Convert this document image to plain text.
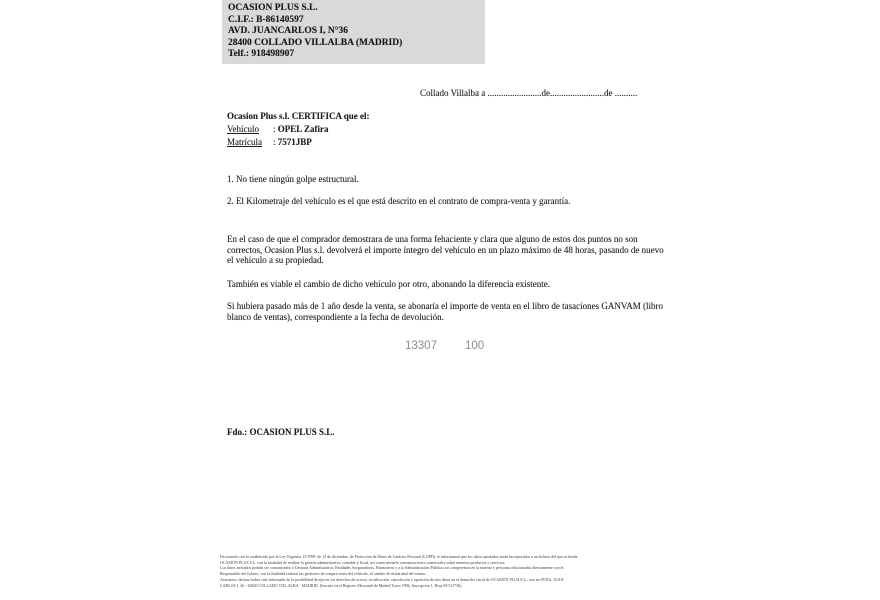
OCASION PLUS S.L.
C.I.F.: B-86140597
AVD. JUANCARLOS I, N°36
28400 COLLADO VILLALBA (MADRID)
Telf.: 918498907
Collado Villalba a ........................de........................de ..........
Ocasion Plus s.l. CERTIFICA que el:
Vehículo : OPEL Zafira
Matrícula : 7571JBP
1. No tiene ningún golpe estructural.
2. El Kilometraje del vehículo es el que está descrito en el contrato de compra-venta y garantía.
En el caso de que el comprador demostrara de una forma fehaciente y clara que alguno de estos dos puntos no son correctos, Ocasion Plus s.l. devolverá el importe íntegro del vehículo en un plazo máximo de 48 horas, pasando de nuevo el vehículo a su propiedad.
También es viable el cambio de dicho vehículo por otro, abonando la diferencia existente.
Si hubiera pasado más de 1 año desde la venta, se abonaría el importe de venta en el libro de tasaciones GANVAM (libro blanco de ventas), correspondiente a la fecha de devolución.
13307 100
Fdo.: OCASION PLUS S.L.
De acuerdo con lo establecido por la Ley Orgánica 15/1999, de 13 de diciembre, de Protección de Datos de Carácter Personal (LOPD), le informamos que los datos aportados serán incorporados a un fichero del que es titular
OCASIÓN PLUS S.L. con la finalidad de realizar la gestión administrativa, contable y fiscal, así como enviarle comunicaciones comerciales sobre nuestros productos y servicios.
Los datos incluidos podrán ser comunicados a Gestoría Administrativa, Entidades Aseguradoras, Financieras y a la Administración Pública con competencia en la materia y personas relacionadas directamente con el
Responsable del fichero, con la finalidad realizar las gestiones de compra venta del vehículo, el cambio de titularidad del mismo.
Asimismo, declaro haber sido informado de la posibilidad de ejercer los derechos de acceso, rectificación, cancelación y oposición de mis datos en el domicilio fiscal de OCASIÓN PLUS S.L., sito en AVDA. JUAN
CARLOS I, 36 - 28400 COLLADO VILLALBA - MADRID. (Inscrita en el Registro Mercantil de Madrid Tomo 1996, Inscripción 1, Hoja M-511736)
